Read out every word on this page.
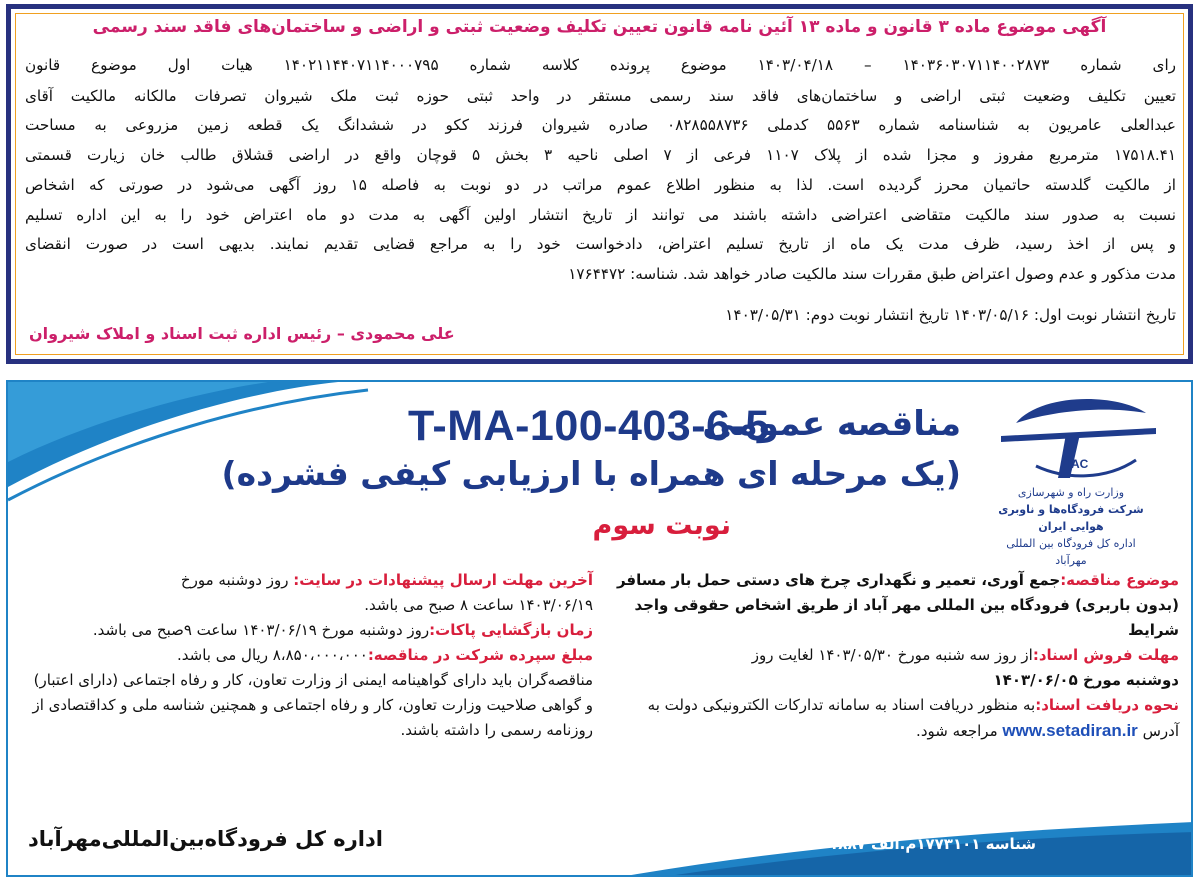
آگهی موضوع ماده ۳ قانون و ماده ۱۳ آئین نامه قانون تعیین تکلیف وضعیت ثبتی و اراضی و ساختمان‌های فاقد سند رسمی
رای شماره ۱۴۰۳۶۰۳۰۷۱۱۴۰۰۲۸۷۳ – ۱۴۰۳/۰۴/۱۸ موضوع پرونده کلاسه شماره ۱۴۰۲۱۱۴۴۰۷۱۱۴۰۰۰۷۹۵ هیات اول موضوع قانون
تعیین تکلیف وضعیت ثبتی اراضی و ساختمان‌های فاقد سند رسمی مستقر در واحد ثبتی حوزه ثبت ملک شیروان تصرفات مالکانه مالکیت آقای
عبدالعلی عامریون به شناسنامه شماره ۵۵۶۳ کدملی ۰۸۲۸۵۵۸۷۳۶ صادره شیروان فرزند ککو در ششدانگ یک قطعه زمین مزروعی به مساحت
۱۷۵۱۸.۴۱ مترمربع مفروز و مجزا شده از پلاک ۱۱۰۷ فرعی از ۷ اصلی ناحیه ۳ بخش ۵ قوچان واقع در اراضی قشلاق طالب خان زیارت قسمتی
از مالکیت گلدسته حاتمیان محرز گردیده است. لذا به منظور اطلاع عموم مراتب در دو نوبت به فاصله ۱۵ روز آگهی می‌شود در صورتی که اشخاص
نسبت به صدور سند مالکیت متقاضی اعتراضی داشته باشند می توانند از تاریخ انتشار اولین آگهی به مدت دو ماه اعتراض خود را به این اداره تسلیم
و پس از اخذ رسید، ظرف مدت یک ماه از تاریخ تسلیم اعتراض، دادخواست خود را به مراجع قضایی تقدیم نمایند. بدیهی است در صورت انقضای
مدت مذکور و عدم وصول اعتراض طبق مقررات سند مالکیت صادر خواهد شد. شناسه: ۱۷۶۴۴۷۲
تاریخ انتشار نوبت اول: ۱۴۰۳/۰۵/۱۶ تاریخ انتشار نوبت دوم: ۱۴۰۳/۰۵/۳۱
علی محمودی – رئیس اداره ثبت اسناد و املاک شیروان
IAC
وزارت راه و شهرسازی
شرکت فرودگاه‌ها و ناوبری هوایی ایران
اداره کل فرودگاه بین المللی مهرآباد
مناقصه عمومی
T-MA-100-403-6-5
(یک مرحله ای همراه با ارزیابی کیفی فشرده)
نوبت سوم
موضوع مناقصه:جمع آوری، تعمیر و نگهداری چرخ های دستی حمل بار مسافر (بدون باربری) فرودگاه بین المللی مهر آباد از طریق اشخاص حقوقی واجد شرایط
مهلت فروش اسناد:از روز سه شنبه مورخ ۱۴۰۳/۰۵/۳۰ لغایت روز
دوشنبه مورخ ۱۴۰۳/۰۶/۰۵
نحوه دریافت اسناد:به منظور دریافت اسناد به سامانه تدارکات الکترونیکی دولت به آدرس www.setadiran.ir مراجعه شود.
آخرین مهلت ارسال پیشنهادات در سایت: روز دوشنبه مورخ
۱۴۰۳/۰۶/۱۹ ساعت ۸ صبح می باشد.
زمان بازگشایی پاکات:روز دوشنبه مورخ ۱۴۰۳/۰۶/۱۹ ساعت ۹صبح می باشد.
مبلغ سپرده شرکت در مناقصه:۸،۸۵۰،۰۰۰،۰۰۰ ریال می باشد.
مناقصه‌گران باید دارای گواهینامه ایمنی از وزارت تعاون، کار و رفاه اجتماعی (دارای اعتبار) و گواهی صلاحیت وزارت تعاون، کار و رفاه اجتماعی و همچنین شناسه ملی و کداقتصادی از روزنامه رسمی را داشته باشند.
اداره کل فرودگاه‌بین‌المللی‌مهرآباد	شناسه ۱۷۷۳۱۰۱م.الف ۱۸۸۷
